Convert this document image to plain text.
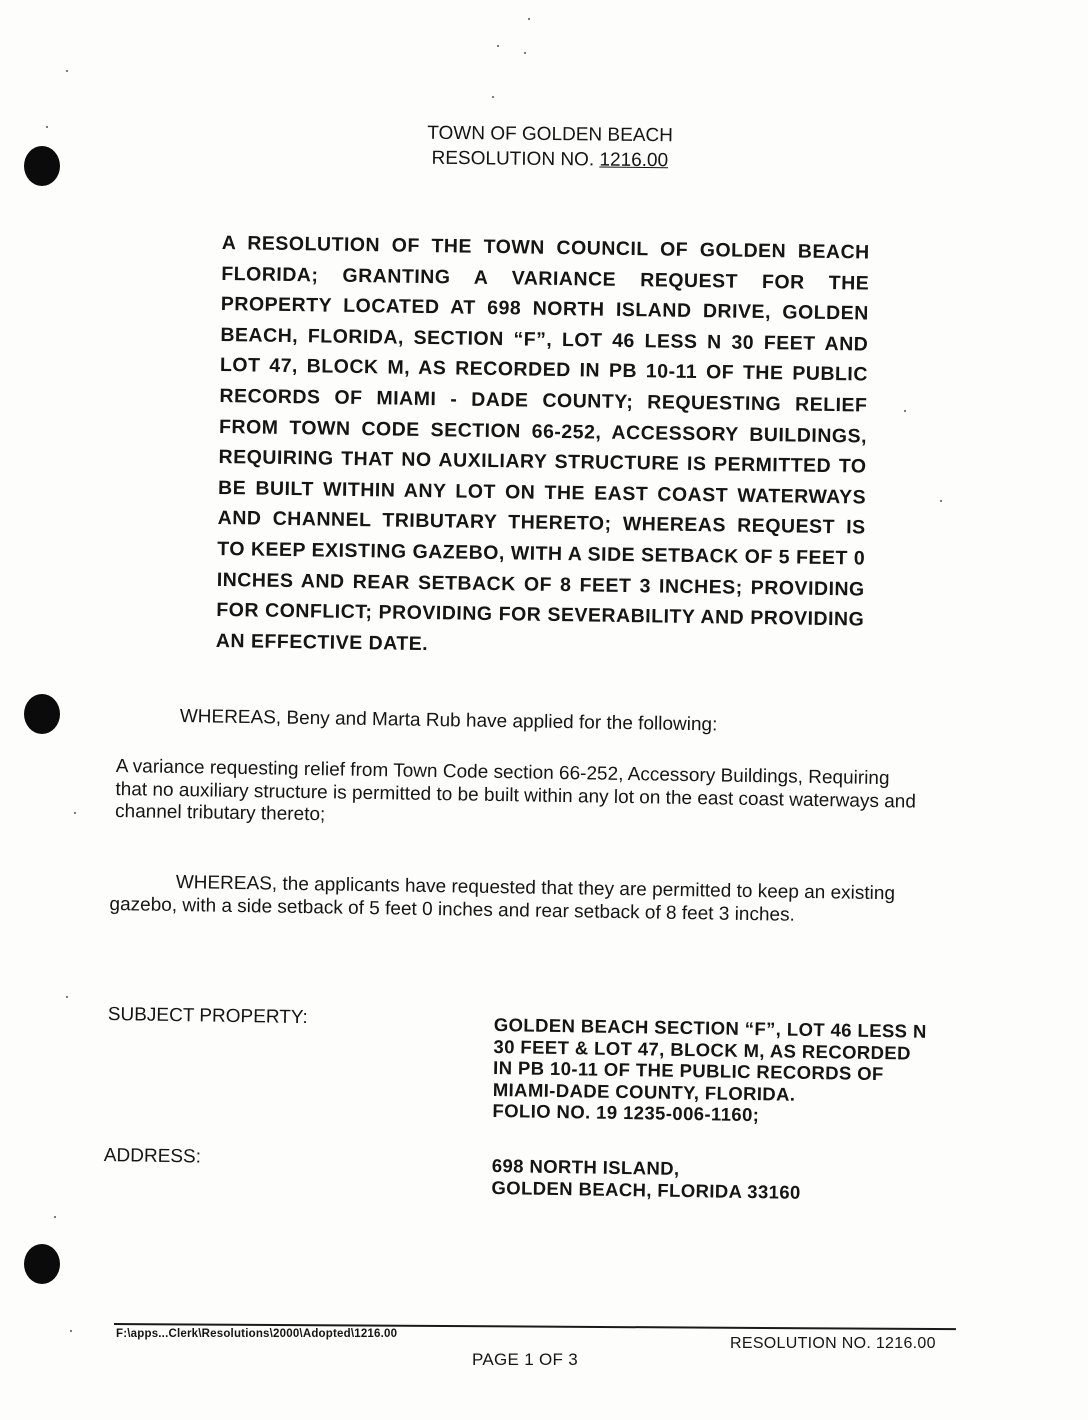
TOWN OF GOLDEN BEACH
RESOLUTION NO. 1216.00
A RESOLUTION OF THE TOWN COUNCIL OF GOLDEN BEACH FLORIDA; GRANTING A VARIANCE REQUEST FOR THE PROPERTY LOCATED AT 698 NORTH ISLAND DRIVE, GOLDEN BEACH, FLORIDA, SECTION “F”, LOT 46 LESS N 30 FEET AND LOT 47, BLOCK M, AS RECORDED IN PB 10-11 OF THE PUBLIC RECORDS OF MIAMI - DADE COUNTY; REQUESTING RELIEF FROM TOWN CODE SECTION 66-252, ACCESSORY BUILDINGS, REQUIRING THAT NO AUXILIARY STRUCTURE IS PERMITTED TO BE BUILT WITHIN ANY LOT ON THE EAST COAST WATERWAYS AND CHANNEL TRIBUTARY THERETO; WHEREAS REQUEST IS TO KEEP EXISTING GAZEBO, WITH A SIDE SETBACK OF 5 FEET 0 INCHES AND REAR SETBACK OF 8 FEET 3 INCHES; PROVIDING FOR CONFLICT; PROVIDING FOR SEVERABILITY AND PROVIDING AN EFFECTIVE DATE.
WHEREAS, Beny and Marta Rub have applied for the following:
A variance requesting relief from Town Code section 66-252, Accessory Buildings, Requiring that no auxiliary structure is permitted to be built within any lot on the east coast waterways and channel tributary thereto;
WHEREAS, the applicants have requested that they are permitted to keep an existing gazebo, with a side setback of 5 feet 0 inches and rear setback of 8 feet 3 inches.
SUBJECT PROPERTY:	GOLDEN BEACH SECTION “F”, LOT 46 LESS N
30 FEET & LOT 47, BLOCK M, AS RECORDED
IN PB 10-11 OF THE PUBLIC RECORDS OF
MIAMI-DADE COUNTY, FLORIDA.
FOLIO NO. 19 1235-006-1160;
ADDRESS:	698 NORTH ISLAND,
GOLDEN BEACH, FLORIDA 33160
F:\apps...Clerk\Resolutions\2000\Adopted\1216.00
RESOLUTION NO. 1216.00
PAGE 1 OF 3
